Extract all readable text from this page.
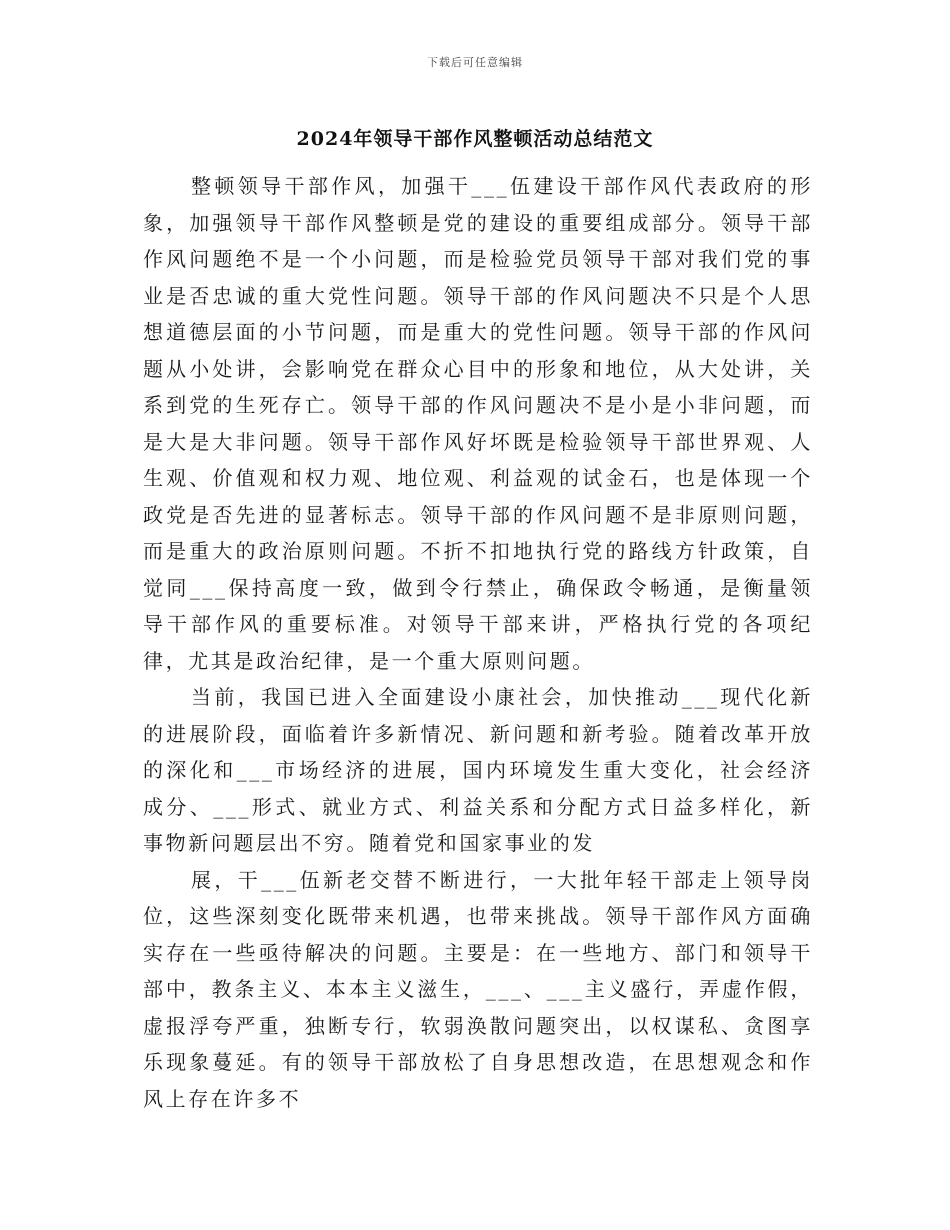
下载后可任意编辑
2024年领导干部作风整顿活动总结范文

整顿领导干部作风，加强干___伍建设干部作风代表政府的形象，加强领导干部作风整顿是党的建设的重要组成部分。领导干部作风问题绝不是一个小问题，而是检验党员领导干部对我们党的事业是否忠诚的重大党性问题。领导干部的作风问题决不只是个人思想道德层面的小节问题，而是重大的党性问题。领导干部的作风问题从小处讲，会影响党在群众心目中的形象和地位，从大处讲，关系到党的生死存亡。领导干部的作风问题决不是小是小非问题，而是大是大非问题。领导干部作风好坏既是检验领导干部世界观、人生观、价值观和权力观、地位观、利益观的试金石，也是体现一个政党是否先进的显著标志。领导干部的作风问题不是非原则问题，而是重大的政治原则问题。不折不扣地执行党的路线方针政策，自觉同___保持高度一致，做到令行禁止，确保政令畅通，是衡量领导干部作风的重要标准。对领导干部来讲，严格执行党的各项纪律，尤其是政治纪律，是一个重大原则问题。

当前，我国已进入全面建设小康社会，加快推动___现代化新的进展阶段，面临着许多新情况、新问题和新考验。随着改革开放的深化和___市场经济的进展，国内环境发生重大变化，社会经济成分、___形式、就业方式、利益关系和分配方式日益多样化，新事物新问题层出不穷。随着党和国家事业的发

展，干___伍新老交替不断进行，一大批年轻干部走上领导岗位，这些深刻变化既带来机遇，也带来挑战。领导干部作风方面确实存在一些亟待解决的问题。主要是：在一些地方、部门和领导干部中，教条主义、本本主义滋生，___、___主义盛行，弄虚作假，虚报浮夸严重，独断专行，软弱涣散问题突出，以权谋私、贪图享乐现象蔓延。有的领导干部放松了自身思想改造，在思想观念和作风上存在许多不
